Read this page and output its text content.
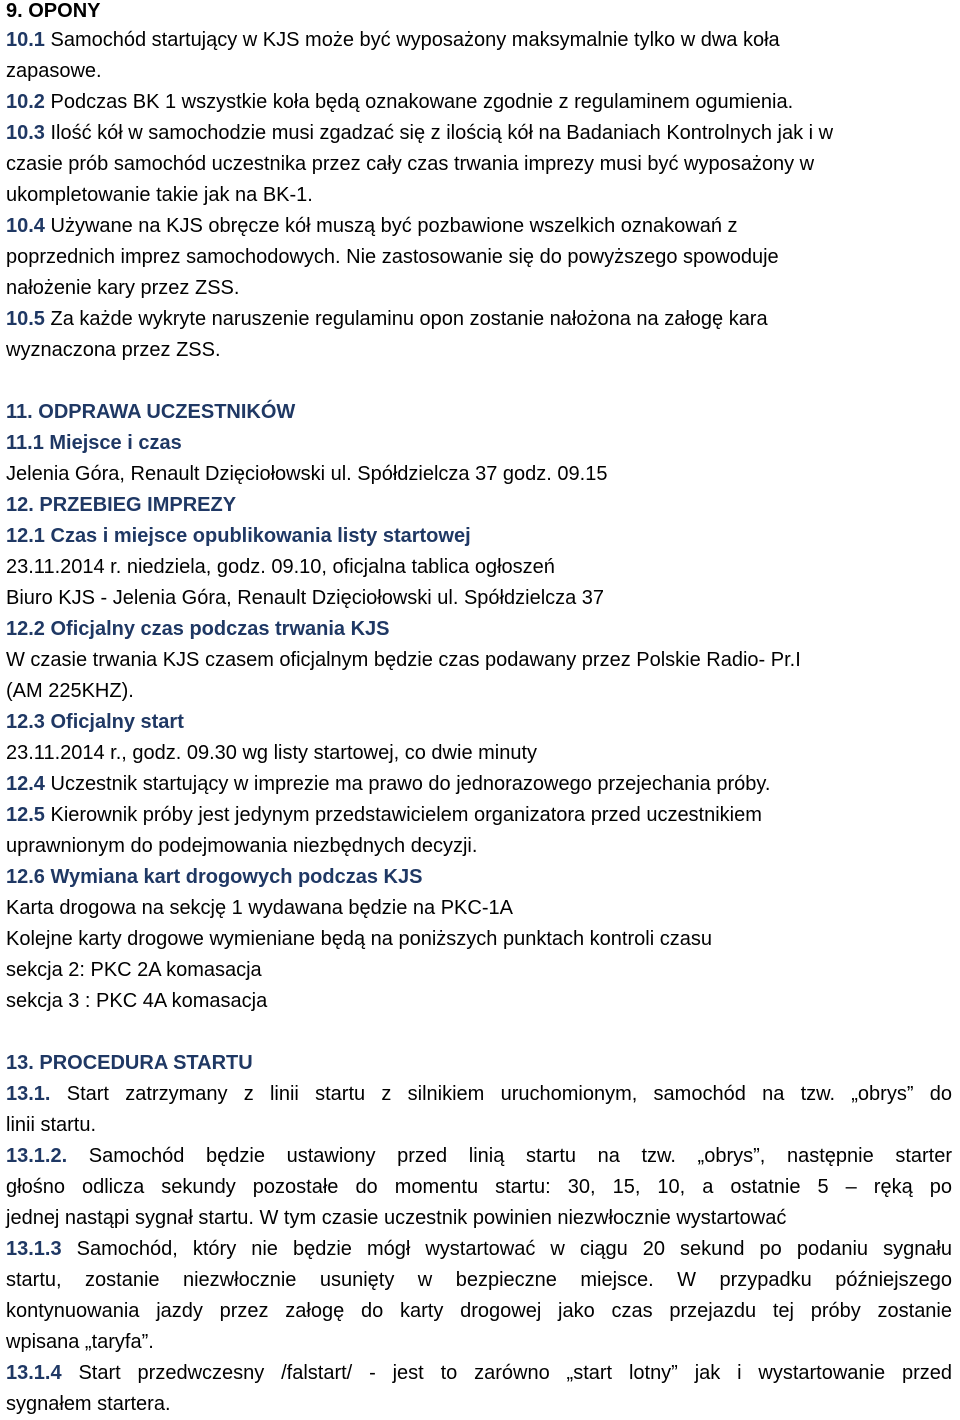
9. OPONY
10.1 Samochód startujący w KJS może być wyposażony maksymalnie tylko w dwa koła
zapasowe.
10.2 Podczas BK 1 wszystkie koła będą oznakowane zgodnie z regulaminem ogumienia.
10.3 Ilość kół w samochodzie musi zgadzać się z ilością kół na Badaniach Kontrolnych jak i w
czasie prób samochód uczestnika przez cały czas trwania imprezy musi być wyposażony w
ukompletowanie takie jak na BK-1.
10.4 Używane na KJS obręcze kół muszą być pozbawione wszelkich oznakowań z
poprzednich imprez samochodowych. Nie zastosowanie się do powyższego spowoduje
nałożenie kary przez ZSS.
10.5 Za każde wykryte naruszenie regulaminu opon zostanie nałożona na załogę kara
wyznaczona przez ZSS.
11. ODPRAWA UCZESTNIKÓW
11.1 Miejsce i czas
Jelenia Góra, Renault Dzięciołowski ul. Spółdzielcza 37 godz. 09.15
12. PRZEBIEG IMPREZY
12.1 Czas i miejsce opublikowania listy startowej
23.11.2014 r. niedziela, godz. 09.10, oficjalna tablica ogłoszeń
Biuro KJS - Jelenia Góra, Renault Dzięciołowski ul. Spółdzielcza 37
12.2 Oficjalny czas podczas trwania KJS
W czasie trwania KJS czasem oficjalnym będzie czas podawany przez Polskie Radio- Pr.I
(AM 225KHZ).
12.3 Oficjalny start
23.11.2014 r., godz. 09.30 wg listy startowej, co dwie minuty
12.4 Uczestnik startujący w imprezie ma prawo do jednorazowego przejechania próby.
12.5 Kierownik próby jest jedynym przedstawicielem organizatora przed uczestnikiem
uprawnionym do podejmowania niezbędnych decyzji.
12.6 Wymiana kart drogowych podczas KJS
Karta drogowa na sekcję 1 wydawana będzie na PKC-1A
Kolejne karty drogowe wymieniane będą na poniższych punktach kontroli czasu
sekcja 2: PKC 2A komasacja
sekcja 3 : PKC 4A komasacja
13. PROCEDURA STARTU
13.1. Start zatrzymany z linii startu z silnikiem uruchomionym, samochód na tzw. „obrys” do
linii startu.
13.1.2. Samochód będzie ustawiony przed linią startu na tzw. „obrys”, następnie starter
głośno odlicza sekundy pozostałe do momentu startu: 30, 15, 10, a ostatnie 5 – ręką po
jednej nastąpi sygnał startu. W tym czasie uczestnik powinien niezwłocznie wystartować
13.1.3 Samochód, który nie będzie mógł wystartować w ciągu 20 sekund po podaniu sygnału
startu, zostanie niezwłocznie usunięty w bezpieczne miejsce. W przypadku późniejszego
kontynuowania jazdy przez załogę do karty drogowej jako czas przejazdu tej próby zostanie
wpisana „taryfa”.
13.1.4 Start przedwczesny /falstart/ - jest to zarówno „start lotny” jak i wystartowanie przed
sygnałem startera.
